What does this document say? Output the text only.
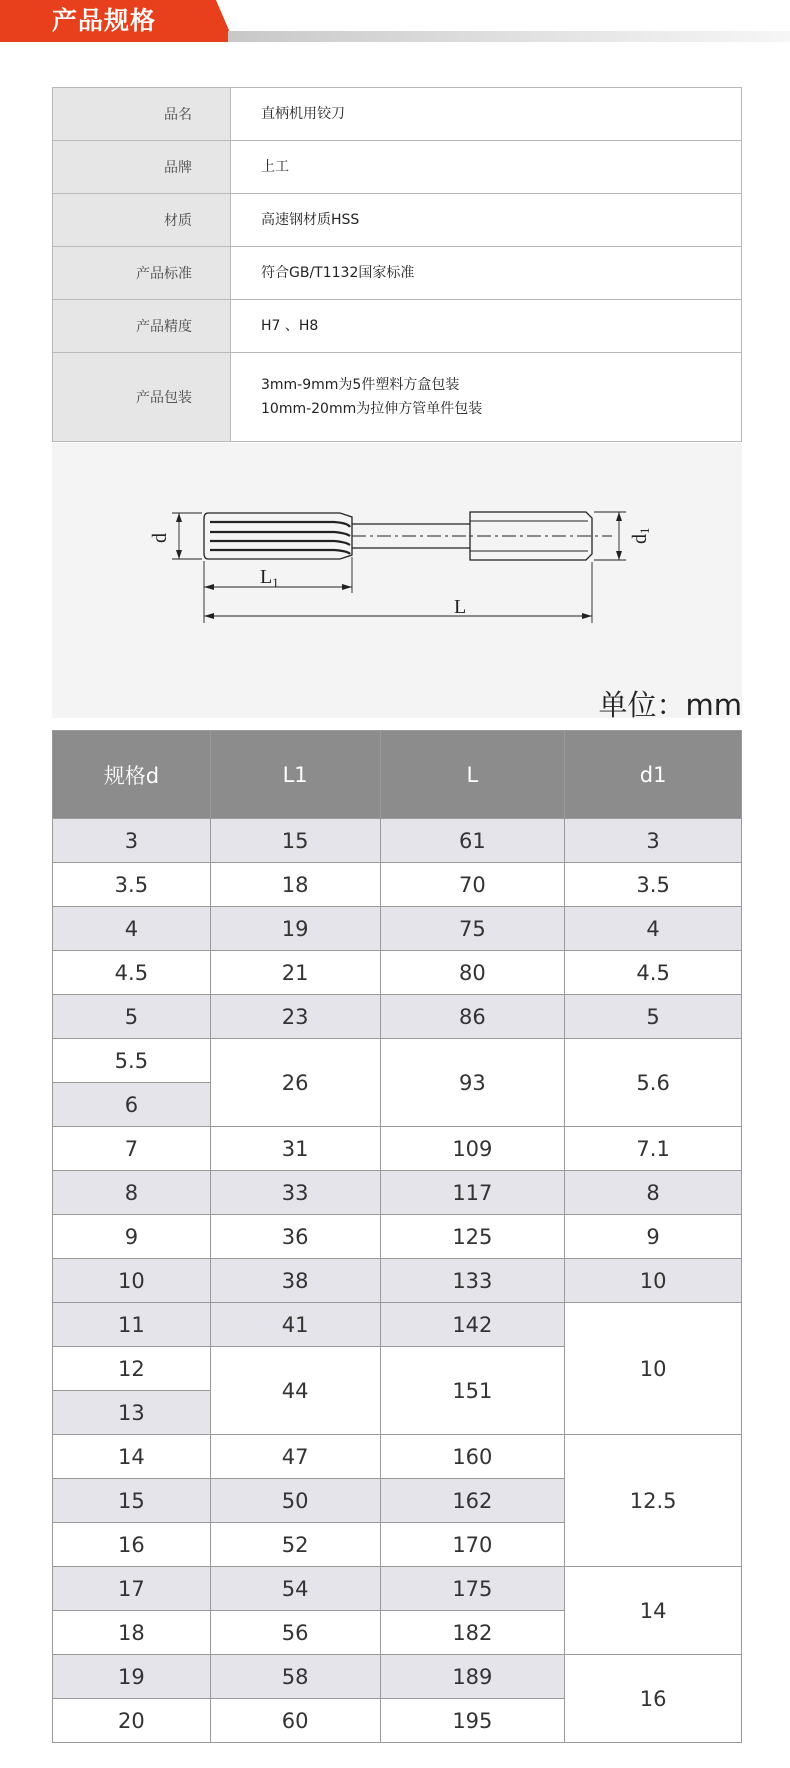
产品规格
品名	直柄机用铰刀

品牌	上工

材质	高速钢材质HSS

产品标准	符合GB/T1132国家标准

产品精度	H7 、H8

产品包装	3mm-9mm为5件塑料方盒包装
10mm-20mm为拉伸方管单件包装
d	d1
$L_1$
L
单位：mm
规格d	L1	L	d1
3	15	61	3
3.5	18	70	3.5
4	19	75	4
4.5	21	80	4.5
5	23	86	5
5.5	26	93	5.6
6			
7	31	109	7.1
8	33	117	8
9	36	125	9
10	38	133	10
11	41	142	10
12	44	151	
13			
14	47	160	12.5
15	50	162	
16	52	170	
17	54	175	14
18	56	182	
19	58	189	16
20	60	195	
